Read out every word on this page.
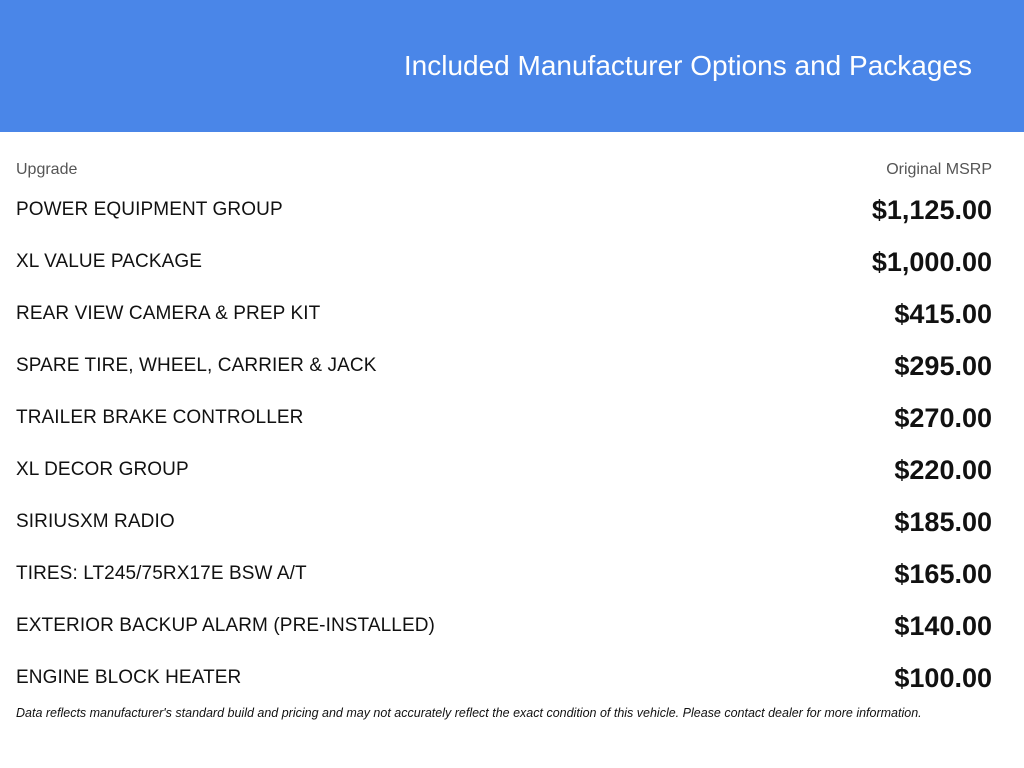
Included Manufacturer Options and Packages
Upgrade	Original MSRP
POWER EQUIPMENT GROUP	$1,125.00
XL VALUE PACKAGE	$1,000.00
REAR VIEW CAMERA & PREP KIT	$415.00
SPARE TIRE, WHEEL, CARRIER & JACK	$295.00
TRAILER BRAKE CONTROLLER	$270.00
XL DECOR GROUP	$220.00
SIRIUSXM RADIO	$185.00
TIRES: LT245/75RX17E BSW A/T	$165.00
EXTERIOR BACKUP ALARM (PRE-INSTALLED)	$140.00
ENGINE BLOCK HEATER	$100.00
Data reflects manufacturer's standard build and pricing and may not accurately reflect the exact condition of this vehicle. Please contact dealer for more information.
